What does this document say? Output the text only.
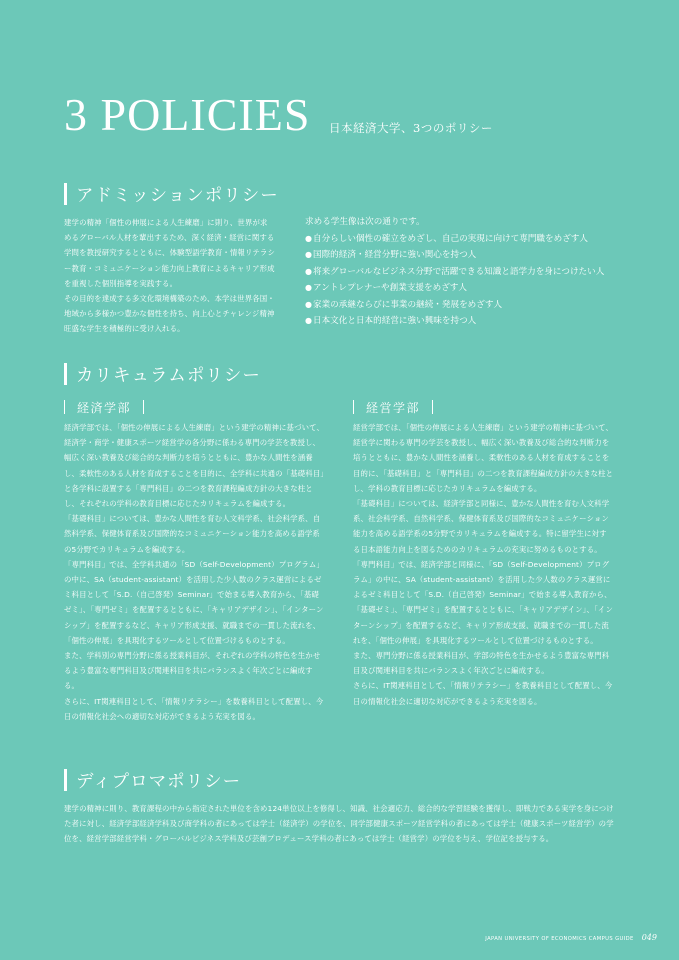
3 POLICIES 日本経済大学、3つのポリシー
アドミッションポリシー

建学の精神「個性の伸展による人生練磨」に則り、世界が求めるグローバル人材を輩出するため、深く経済・経営に関する学問を教授研究するとともに、体験型語学教育・情報リテラシー教育・コミュニケーション能力向上教育によるキャリア形成を重視した個別指導を実践する。

その目的を達成する多文化環境構築のため、本学は世界各国・地域から多様かつ豊かな個性を持ち、向上心とチャレンジ精神旺盛な学生を積極的に受け入れる。

求める学生像は次の通りです。
●自分らしい個性の確立をめざし、自己の実現に向けて専門職をめざす人
●国際的経済・経営分野に強い関心を持つ人
●将来グローバルなビジネス分野で活躍できる知識と語学力を身につけたい人
●アントレプレナーや創業支援をめざす人
●家業の承継ならびに事業の継続・発展をめざす人
●日本文化と日本的経営に強い興味を持つ人
カリキュラムポリシー
経済学部

経済学部では、「個性の伸展による人生練磨」という建学の精神に基づいて、経済学・商学・健康スポーツ経営学の各分野に係わる専門の学芸を教授し、幅広く深い教養及び総合的な判断力を培うとともに、豊かな人間性を涵養し、柔軟性のある人材を育成することを目的に、全学科に共通の「基礎科目」と各学科に設置する「専門科目」の二つを教育課程編成方針の大きな柱とし、それぞれの学科の教育目標に応じたカリキュラムを編成する。

「基礎科目」については、豊かな人間性を育む人文科学系、社会科学系、自然科学系、保健体育系及び国際的なコミュニケーション能力を高める語学系の5分野でカリキュラムを編成する。

「専門科目」では、全学科共通の「SD（Self-Development）プログラム」の中に、SA（student-assistant）を活用した少人数のクラス運営によるゼミ科目として「S.D.（自己啓発）Seminar」で始まる導入教育から、「基礎ゼミ」、「専門ゼミ」を配置するとともに、「キャリアデザイン」、「インターンシップ」を配置するなど、キャリア形成支援、就職までの一貫した流れを、「個性の伸展」を具現化するツールとして位置づけるものとする。

また、学科別の専門分野に係る授業科目が、それぞれの学科の特色を生かせるよう豊富な専門科目及び関連科目を共にバランスよく年次ごとに編成する。

さらに、IT関連科目として、「情報リテラシー」を数養科目として配置し、今日の情報化社会への適切な対応ができるよう充実を図る。

経営学部

経営学部では、「個性の伸展による人生練磨」という建学の精神に基づいて、経営学に関わる専門の学芸を教授し、幅広く深い教養及び総合的な判断力を培うとともに、豊かな人間性を涵養し、柔軟性のある人材を育成することを目的に、「基礎科目」と「専門科目」の二つを教育課程編成方針の大きな柱とし、学科の教育目標に応じたカリキュラムを編成する。

「基礎科目」については、経済学部と同様に、豊かな人間性を育む人文科学系、社会科学系、自然科学系、保健体育系及び国際的なコミュニケーション能力を高める語学系の5分野でカリキュラムを編成する。特に留学生に対する日本語能力向上を図るためのカリキュラムの充実に努めるものとする。

「専門科目」では、経済学部と同様に、「SD（Self-Development）プログラム」の中に、SA（student-assistant）を活用した少人数のクラス運営によるゼミ科目として「S.D.（自己啓発）Seminar」で始まる導入教育から、「基礎ゼミ」、「専門ゼミ」を配置するとともに、「キャリアデザイン」、「インターンシップ」を配置するなど、キャリア形成支援、就職までの一貫した流れを、「個性の伸展」を具現化するツールとして位置づけるものとする。

また、専門分野に係る授業科目が、学部の特色を生かせるよう豊富な専門科目及び関連科目を共にバランスよく年次ごとに編成する。

さらに、IT関連科目として、「情報リテラシー」を教養科目として配置し、今日の情報化社会に適切な対応ができるよう充実を図る。

ディプロマポリシー

建学の精神に則り、教育課程の中から指定された単位を含め124単位以上を修得し、知識、社会適応力、総合的な学習経験を獲得し、即戦力である実学を身につけた者に対し、経済学部経済学科及び商学科の者にあっては学士（経済学）の学位を、同学部健康スポーツ経営学科の者にあっては学士（健康スポーツ経営学）の学位を、経営学部経営学科・グローバルビジネス学科及び芸創プロデュース学科の者にあっては学士（経営学）の学位を与え、学位記を授与する。

JAPAN UNIVERSITY OF ECONOMICS CAMPUS GUIDE 049
